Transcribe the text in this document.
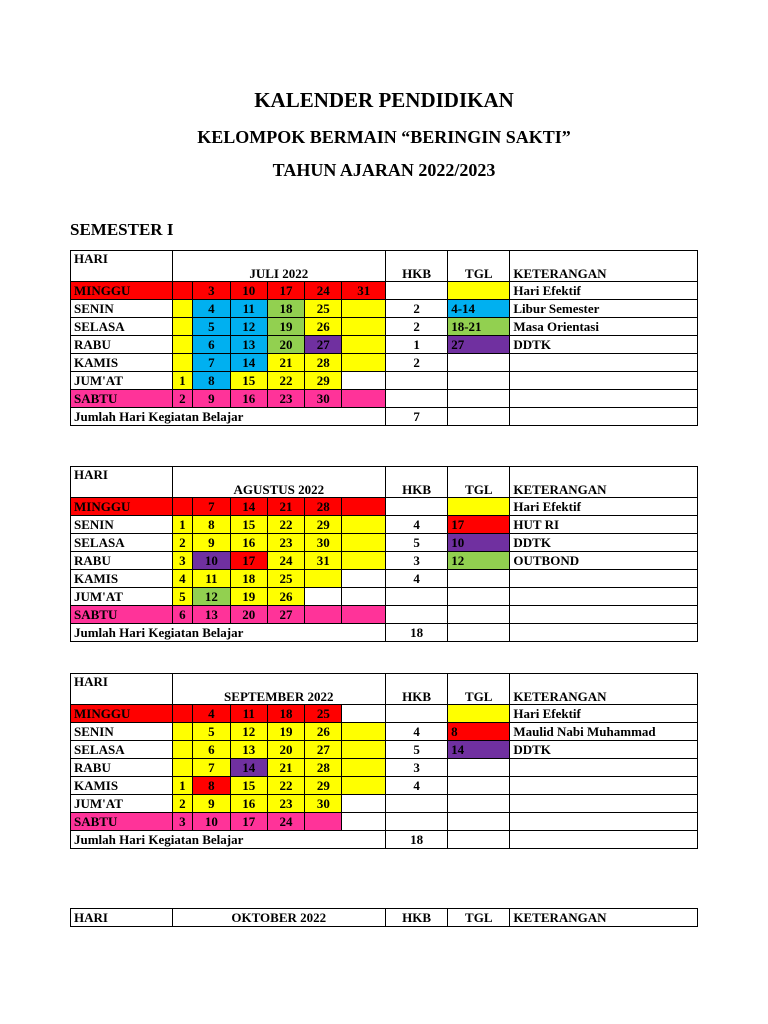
KALENDER PENDIDIKAN
KELOMPOK BERMAIN “BERINGIN SAKTI”
TAHUN AJARAN 2022/2023
SEMESTER I
HARI	JULI 2022						HKB	TGL	KETERANGAN
MINGGU		3	10	17	24	31			Hari Efektif
SENIN		4	11	18	25		2	4-14	Libur Semester
SELASA		5	12	19	26		2	18-21	Masa Orientasi
RABU		6	13	20	27		1	27	DDTK
KAMIS		7	14	21	28		2		
JUM'AT	1	8	15	22	29				
SABTU	2	9	16	23	30				
Jumlah Hari Kegiatan Belajar							7		
HARI	AGUSTUS 2022						HKB	TGL	KETERANGAN
MINGGU		7	14	21	28				Hari Efektif
SENIN	1	8	15	22	29		4	17	HUT RI
SELASA	2	9	16	23	30		5	10	DDTK
RABU	3	10	17	24	31		3	12	OUTBOND
KAMIS	4	11	18	25			4		
JUM'AT	5	12	19	26					
SABTU	6	13	20	27					
Jumlah Hari Kegiatan Belajar							18		
HARI	SEPTEMBER 2022						HKB	TGL	KETERANGAN
MINGGU		4	11	18	25				Hari Efektif
SENIN		5	12	19	26		4	8	Maulid Nabi Muhammad
SELASA		6	13	20	27		5	14	DDTK
RABU		7	14	21	28		3		
KAMIS	1	8	15	22	29		4		
JUM'AT	2	9	16	23	30				
SABTU	3	10	17	24					
Jumlah Hari Kegiatan Belajar							18		
HARI	OKTOBER 2022	HKB	TGL	KETERANGAN
